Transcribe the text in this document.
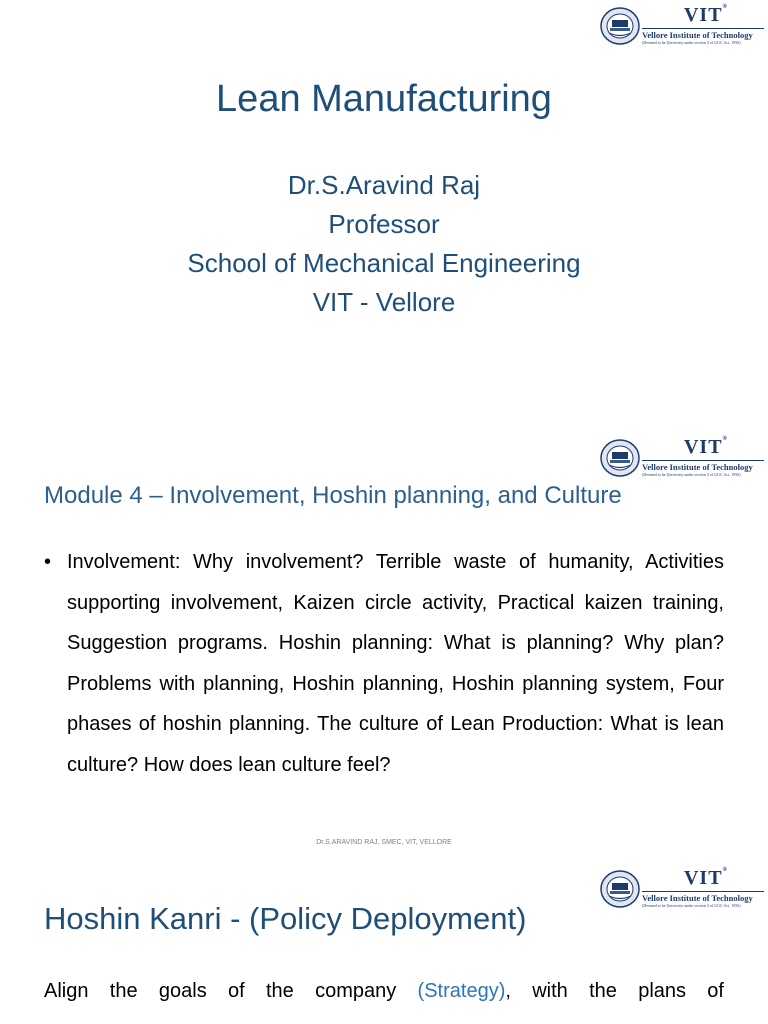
VIT®
Vellore Institute of Technology
(Deemed to be University under section 3 of UGC Act, 1956)
Lean Manufacturing
Dr.S.Aravind Raj
Professor
School of Mechanical Engineering
VIT - Vellore
VIT®
Vellore Institute of Technology
(Deemed to be University under section 3 of UGC Act, 1956)
Module 4 – Involvement, Hoshin planning, and Culture
• Involvement: Why involvement? Terrible waste of humanity, Activities supporting involvement, Kaizen circle activity, Practical kaizen training, Suggestion programs. Hoshin planning: What is planning? Why plan? Problems with planning, Hoshin planning, Hoshin planning system, Four phases of hoshin planning. The culture of Lean Production: What is lean culture? How does lean culture feel?
Dr.S.ARAVIND RAJ, SMEC, VIT, VELLORE
VIT®
Vellore Institute of Technology
(Deemed to be University under section 3 of UGC Act, 1956)
Hoshin Kanri - (Policy Deployment)
Align the goals of the company (Strategy), with the plans of
